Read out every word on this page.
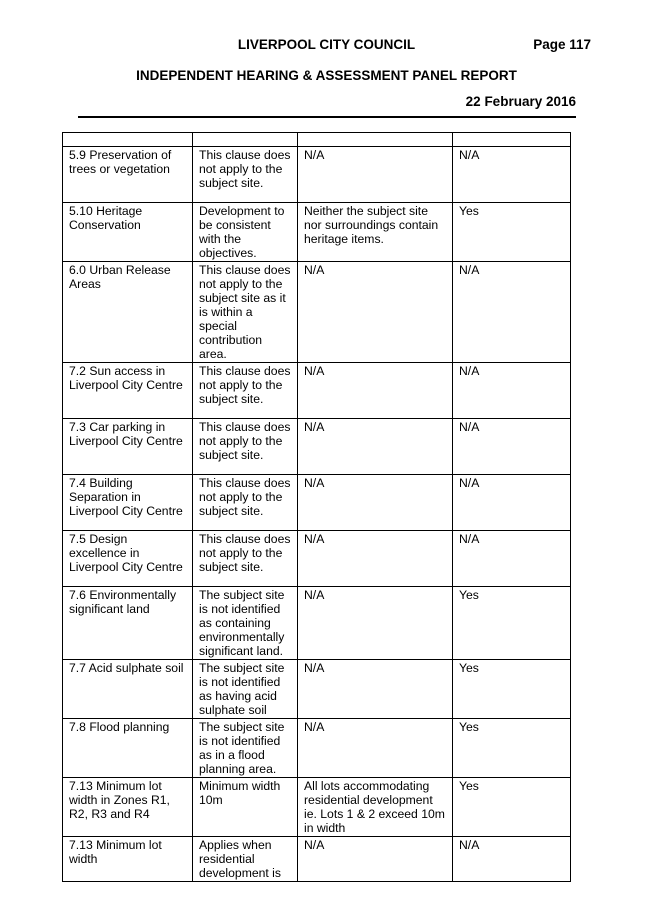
LIVERPOOL CITY COUNCIL	Page 117
INDEPENDENT HEARING & ASSESSMENT PANEL REPORT
22 February 2016

5.9 Preservation of trees or vegetation	This clause does not apply to the subject site.	N/A	N/A
5.10 Heritage Conservation	Development to be consistent with the objectives.	Neither the subject site nor surroundings contain heritage items.	Yes
6.0 Urban Release Areas	This clause does not apply to the subject site as it is within a special contribution area.	N/A	N/A
7.2 Sun access in Liverpool City Centre	This clause does not apply to the subject site.	N/A	N/A
7.3 Car parking in Liverpool City Centre	This clause does not apply to the subject site.	N/A	N/A
7.4 Building Separation in Liverpool City Centre	This clause does not apply to the subject site.	N/A	N/A
7.5 Design excellence in Liverpool City Centre	This clause does not apply to the subject site.	N/A	N/A
7.6 Environmentally significant land	The subject site is not identified as containing environmentally significant land.	N/A	Yes
7.7 Acid sulphate soil	The subject site is not identified as having acid sulphate soil	N/A	Yes
7.8 Flood planning	The subject site is not identified as in a flood planning area.	N/A	Yes
7.13 Minimum lot width in Zones R1, R2, R3 and R4	Minimum width 10m	All lots accommodating residential development ie. Lots 1 & 2 exceed 10m in width	Yes
7.13 Minimum lot width	Applies when residential development is	N/A	N/A
